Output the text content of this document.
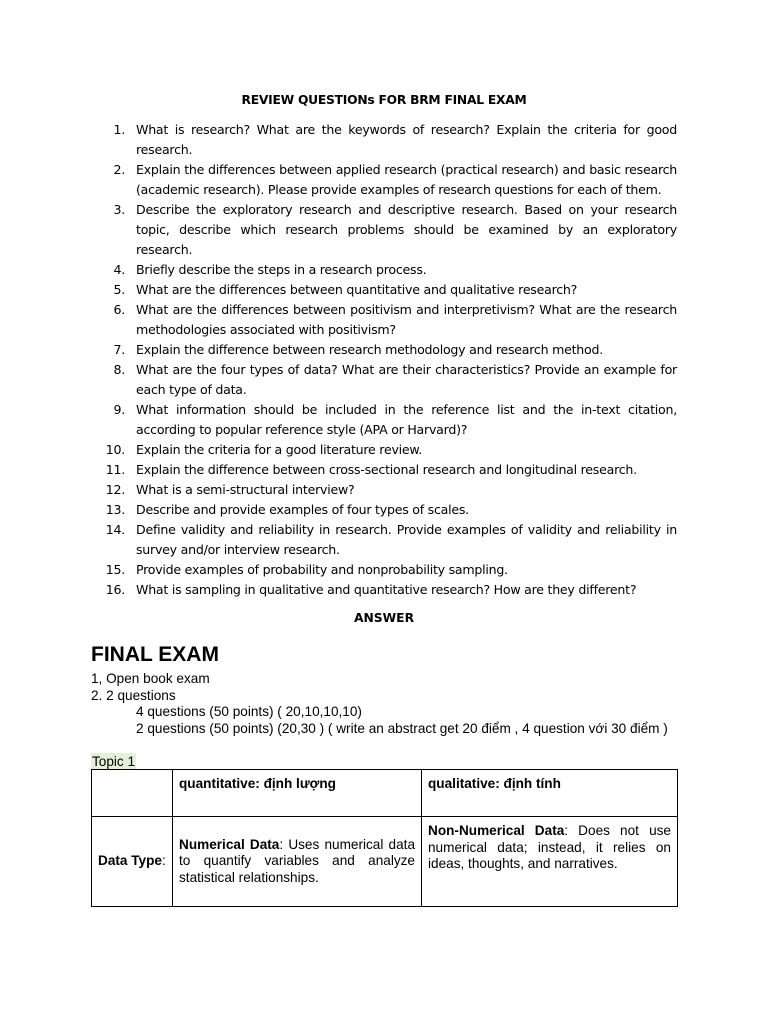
REVIEW QUESTIONs FOR BRM FINAL EXAM
1. What is research? What are the keywords of research? Explain the criteria for good research.
2. Explain the differences between applied research (practical research) and basic research (academic research). Please provide examples of research questions for each of them.
3. Describe the exploratory research and descriptive research. Based on your research topic, describe which research problems should be examined by an exploratory research.
4. Briefly describe the steps in a research process.
5. What are the differences between quantitative and qualitative research?
6. What are the differences between positivism and interpretivism? What are the research methodologies associated with positivism?
7. Explain the difference between research methodology and research method.
8. What are the four types of data? What are their characteristics? Provide an example for each type of data.
9. What information should be included in the reference list and the in-text citation, according to popular reference style (APA or Harvard)?
10. Explain the criteria for a good literature review.
11. Explain the difference between cross-sectional research and longitudinal research.
12. What is a semi-structural interview?
13. Describe and provide examples of four types of scales.
14. Define validity and reliability in research. Provide examples of validity and reliability in survey and/or interview research.
15. Provide examples of probability and nonprobability sampling.
16. What is sampling in qualitative and quantitative research? How are they different?
ANSWER
FINAL EXAM
1, Open book exam
2. 2 questions
4 questions (50 points) ( 20,10,10,10)
2 questions (50 points) (20,30 ) ( write an abstract get 20 điểm , 4 question với 30 điểm )
Topic 1
	quantitative: định lượng	qualitative: định tính
Data Type:	Numerical Data: Uses numerical data to quantify variables and analyze statistical relationships.	Non-Numerical Data: Does not use numerical data; instead, it relies on ideas, thoughts, and narratives.
